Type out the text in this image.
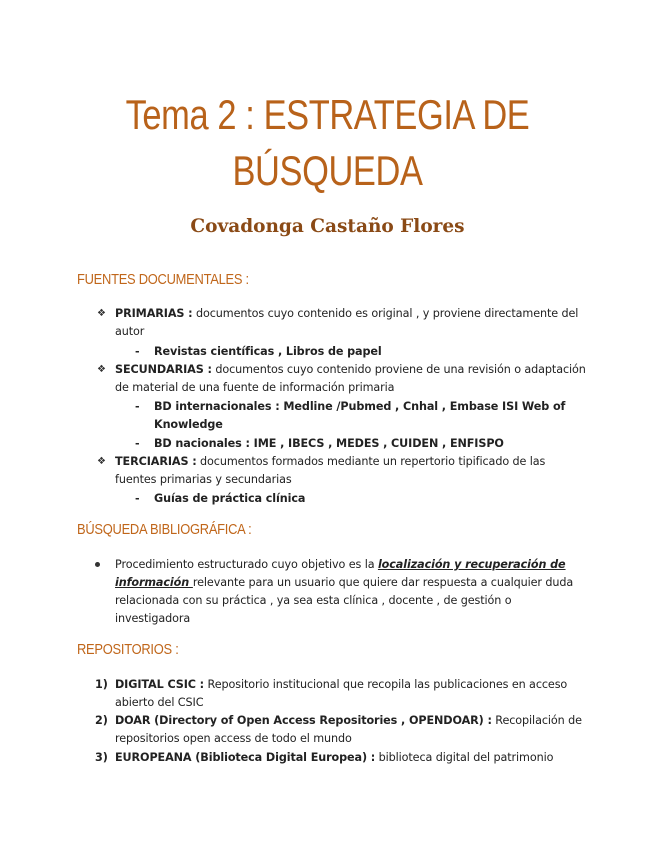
Tema 2 : ESTRATEGIA DE
BÚSQUEDA
Covadonga Castaño Flores
FUENTES DOCUMENTALES :
❖ PRIMARIAS : documentos cuyo contenido es original , y proviene directamente del
autor
- Revistas científicas , Libros de papel
❖ SECUNDARIAS : documentos cuyo contenido proviene de una revisión o adaptación
de material de una fuente de información primaria
- BD internacionales : Medline /Pubmed , Cnhal , Embase ISI Web of
Knowledge
- BD nacionales : IME , IBECS , MEDES , CUIDEN , ENFISPO
❖ TERCIARIAS : documentos formados mediante un repertorio tipificado de las
fuentes primarias y secundarias
- Guías de práctica clínica
BÚSQUEDA BIBLIOGRÁFICA :
Procedimiento estructurado cuyo objetivo es la localización y recuperación de
información relevante para un usuario que quiere dar respuesta a cualquier duda
relacionada con su práctica , ya sea esta clínica , docente , de gestión o
investigadora
REPOSITORIOS :
1) DIGITAL CSIC : Repositorio institucional que recopila las publicaciones en acceso
abierto del CSIC
2) DOAR (Directory of Open Access Repositories , OPENDOAR) : Recopilación de
repositorios open access de todo el mundo
3) EUROPEANA (Biblioteca Digital Europea) : biblioteca digital del patrimonio
